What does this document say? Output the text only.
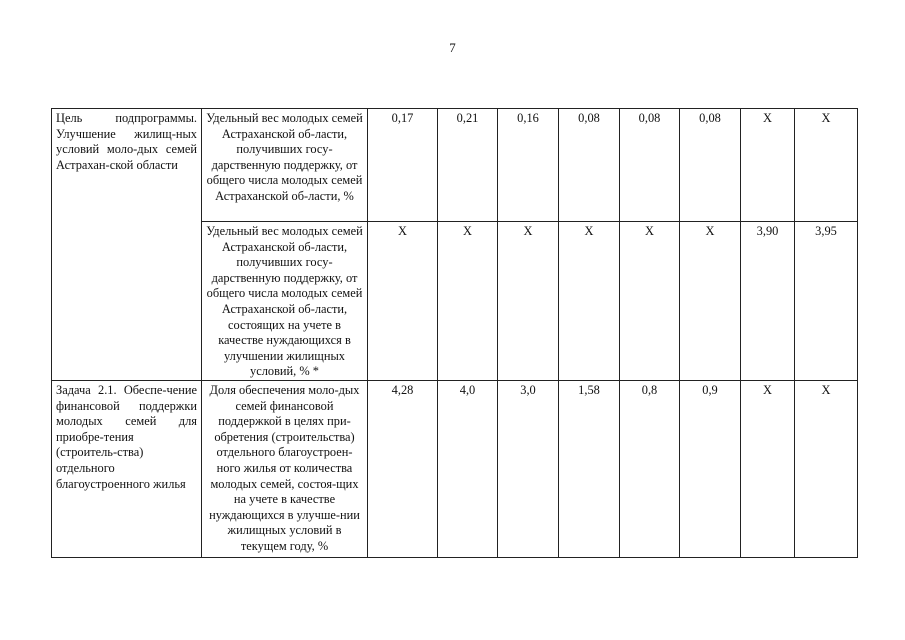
7
Цель подпрограммы. Улучшение жилищ-ных условий моло-дых семей Астрахан-ской области	Удельный вес молодых семей Астраханской об-ласти, получивших госу-дарственную поддержку, от общего числа молодых семей Астраханской об-ласти, %	0,17	0,21	0,16	0,08	0,08	0,08	Х	Х
	Удельный вес молодых семей Астраханской об-ласти, получивших госу-дарственную поддержку, от общего числа молодых семей Астраханской об-ласти, состоящих на учете в качестве нуждающихся в улучшении жилищных условий, % *	Х	Х	Х	Х	Х	Х	3,90	3,95
Задача 2.1. Обеспе-чение финансовой поддержки молодых семей для приобре-тения (строитель-ства) отдельного благоустроенного жилья	Доля обеспечения моло-дых семей финансовой поддержкой в целях при-обретения (строительства) отдельного благоустроен-ного жилья от количества молодых семей, состоя-щих на учете в качестве нуждающихся в улучше-нии жилищных условий в текущем году, %	4,28	4,0	3,0	1,58	0,8	0,9	Х	Х
